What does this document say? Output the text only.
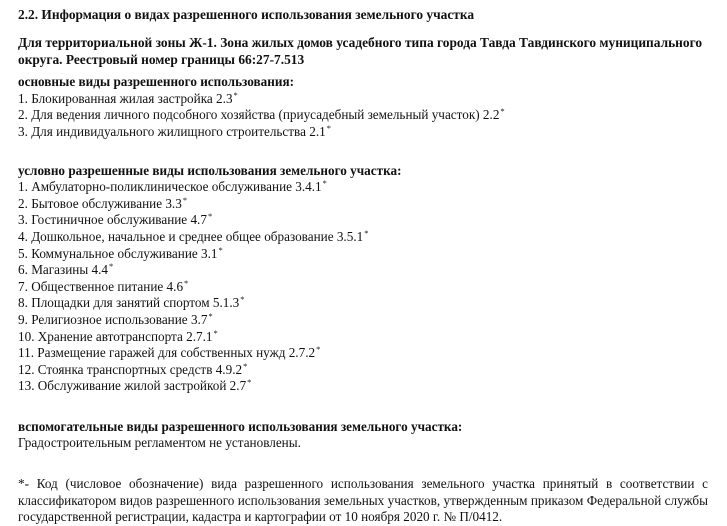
2.2. Информация о видах разрешенного использования земельного участка
Для территориальной зоны Ж-1. Зона жилых домов усадебного типа города Тавда Тавдинского муниципального округа. Реестровый номер границы 66:27-7.513
основные виды разрешенного использования:
1. Блокированная жилая застройка 2.3*
2. Для ведения личного подсобного хозяйства (приусадебный земельный участок) 2.2*
3. Для индивидуального жилищного строительства 2.1*
условно разрешенные виды использования земельного участка:
1. Амбулаторно-поликлиническое обслуживание 3.4.1*
2. Бытовое обслуживание 3.3*
3. Гостиничное обслуживание 4.7*
4. Дошкольное, начальное и среднее общее образование 3.5.1*
5. Коммунальное обслуживание 3.1*
6. Магазины 4.4*
7. Общественное питание 4.6*
8. Площадки для занятий спортом 5.1.3*
9. Религиозное использование 3.7*
10. Хранение автотранспорта 2.7.1*
11. Размещение гаражей для собственных нужд 2.7.2*
12. Стоянка транспортных средств 4.9.2*
13. Обслуживание жилой застройкой 2.7*
вспомогательные виды разрешенного использования земельного участка:

Градостроительным регламентом не установлены.

*- Код (числовое обозначение) вида разрешенного использования земельного участка принятый в соответствии с классификатором видов разрешенного использования земельных участков, утвержденным приказом Федеральной службы государственной регистрации, кадастра и картографии от 10 ноября 2020 г. № П/0412.
